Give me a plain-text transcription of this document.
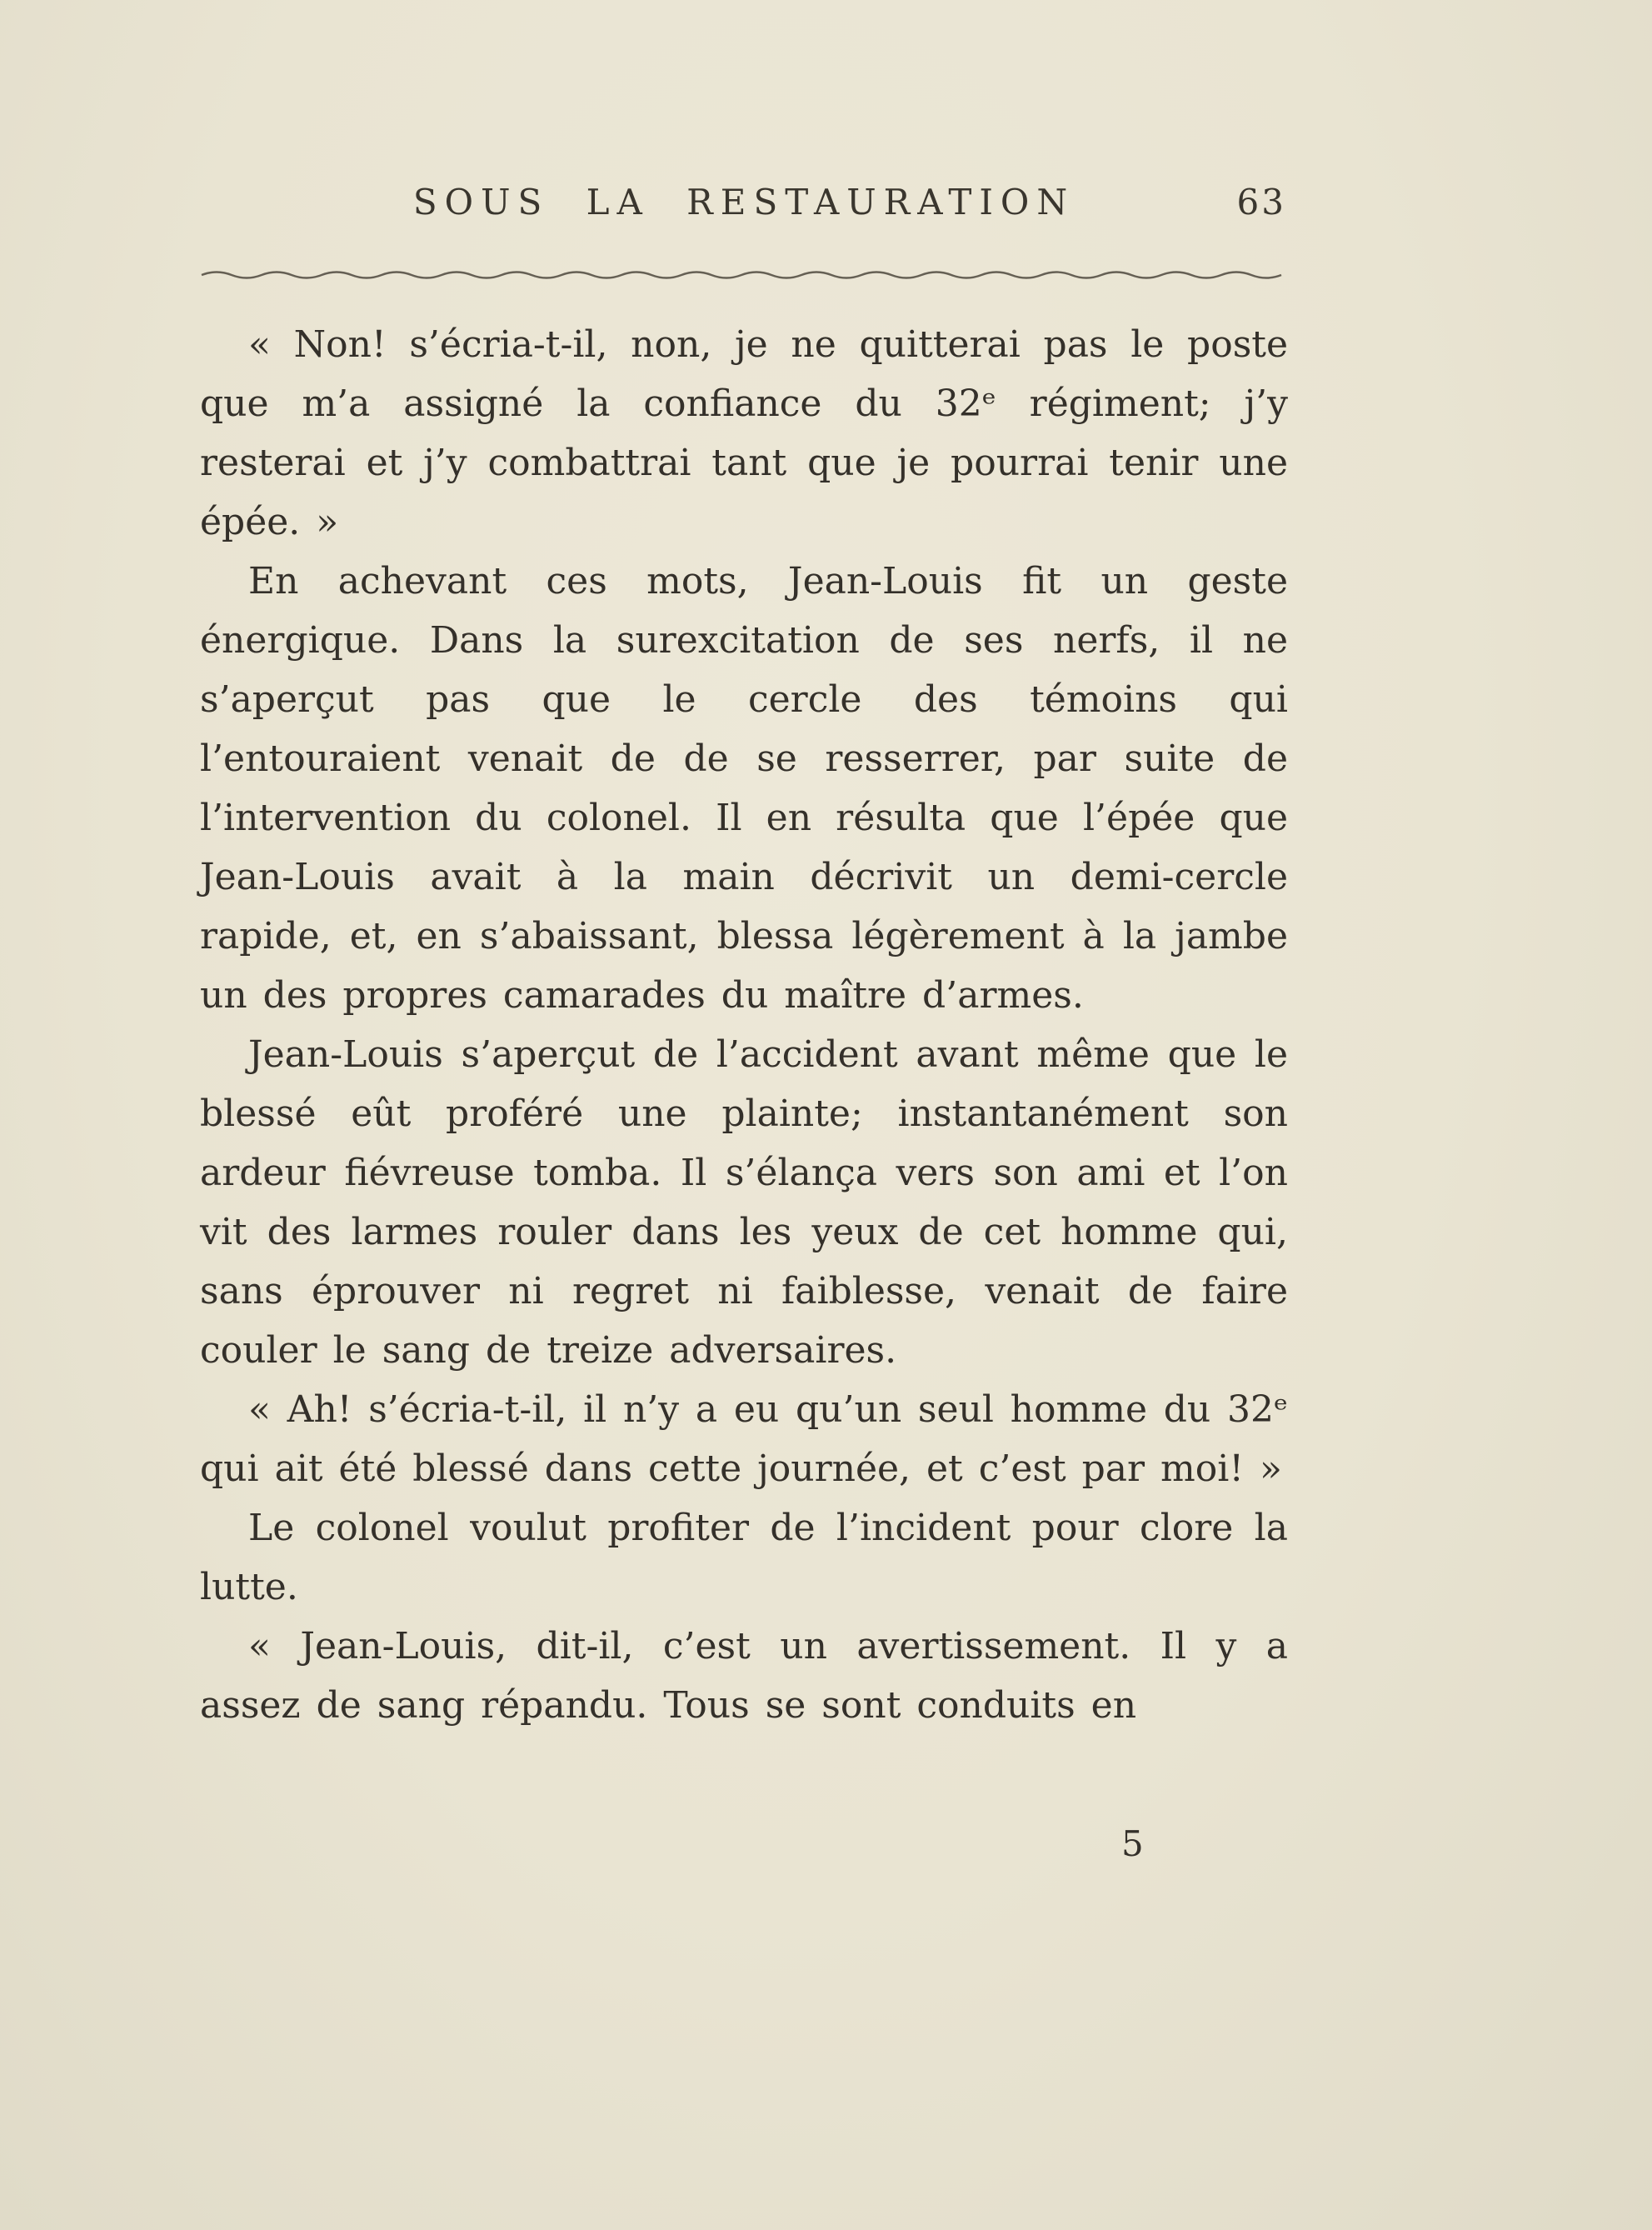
SOUS LA RESTAURATION	63

« Non! s’écria-t-il, non, je ne quitterai pas le poste que m’a assigné la confiance du 32ᵉ régiment; j’y resterai et j’y combattrai tant que je pourrai tenir une épée. »

En achevant ces mots, Jean-Louis fit un geste énergique. Dans la surexcitation de ses nerfs, il ne s’aperçut pas que le cercle des témoins qui l’entouraient venait de de se resserrer, par suite de l’intervention du colonel. Il en résulta que l’épée que Jean-Louis avait à la main décrivit un demi-cercle rapide, et, en s’abaissant, blessa légèrement à la jambe un des propres camarades du maître d’armes.

Jean-Louis s’aperçut de l’accident avant même que le blessé eût proféré une plainte; instantanément son ardeur fiévreuse tomba. Il s’élança vers son ami et l’on vit des larmes rouler dans les yeux de cet homme qui, sans éprouver ni regret ni faiblesse, venait de faire couler le sang de treize adversaires.

« Ah! s’écria-t-il, il n’y a eu qu’un seul homme du 32ᵉ qui ait été blessé dans cette journée, et c’est par moi! »

Le colonel voulut profiter de l’incident pour clore la lutte.

« Jean-Louis, dit-il, c’est un avertissement. Il y a assez de sang répandu. Tous se sont conduits en

5
